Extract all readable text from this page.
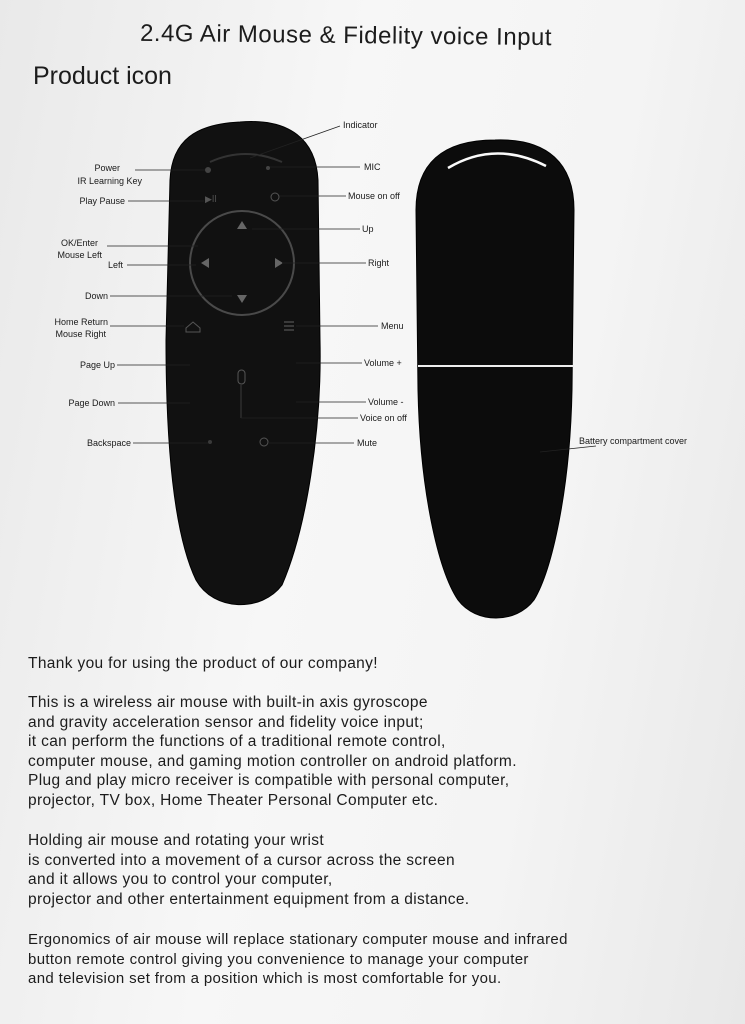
2.4G Air Mouse & Fidelity voice Input
Product icon
▶ll
Power
IR Learning Key
Play Pause
OK/Enter
Mouse Left
Left
Down
Home Return
Mouse Right
Page Up
Page Down
Backspace
Indicator
MIC
Mouse on off
Up
Right
Menu
Volume +
Volume -
Voice on off
Mute	Battery compartment cover
Thank you for using the product of our company!
This is a wireless air mouse with built-in axis gyroscope
and gravity acceleration sensor and fidelity voice input;
it can perform the functions of a traditional remote control,
computer mouse, and gaming motion controller on android platform.
Plug and play micro receiver is compatible with personal computer,
projector, TV box, Home Theater Personal Computer etc.
Holding air mouse and rotating your wrist
is converted into a movement of a cursor across the screen
and it allows you to control your computer,
projector and other entertainment equipment from a distance.
Ergonomics of air mouse will replace stationary computer mouse and infrared
button remote control giving you convenience to manage your computer
and television set from a position which is most comfortable for you.
